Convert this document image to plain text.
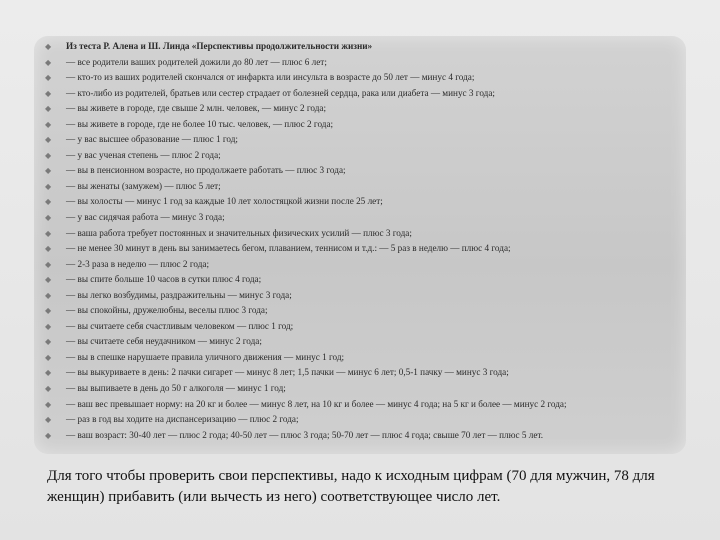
◆ Из теста Р. Алена и Ш. Линда «Перспективы продолжительности жизни»
◆ — все родители ваших родителей дожили до 80 лет — плюс 6 лет;
◆ — кто-то из ваших родителей скончался от инфаркта или инсульта в возрасте до 50 лет — минус 4 года;
◆ — кто-либо из родителей, братьев или сестер страдает от болезней сердца, рака или диабета — минус 3 года;
◆ — вы живете в городе, где свыше 2 млн. человек, — минус 2 года;
◆ — вы живете в городе, где не более 10 тыс. человек, — плюс 2 года;
◆ — у вас высшее образование — плюс 1 год;
◆ — у вас ученая степень — плюс 2 года;
◆ — вы в пенсионном возрасте, но продолжаете работать — плюс 3 года;
◆ — вы женаты (замужем) — плюс 5 лет;
◆ — вы холосты — минус 1 год за каждые 10 лет холостяцкой жизни после 25 лет;
◆ — у вас сидячая работа — минус 3 года;
◆ — ваша работа требует постоянных и значительных физических усилий — плюс 3 года;
◆ — не менее 30 минут в день вы занимаетесь бегом, плаванием, теннисом и т.д.: — 5 раз в неделю — плюс 4 года;
◆ — 2-3 раза в неделю — плюс 2 года;
◆ — вы спите больше 10 часов в сутки плюс 4 года;
◆ — вы легко возбудимы, раздражительны — минус 3 года;
◆ — вы спокойны, дружелюбны, веселы плюс 3 года;
◆ — вы считаете себя счастливым человеком — плюс 1 год;
◆ — вы считаете себя неудачником — минус 2 года;
◆ — вы в спешке нарушаете правила уличного движения — минус 1 год;
◆ — вы выкуриваете в день: 2 пачки сигарет — минус 8 лет; 1,5 пачки — минус 6 лет; 0,5-1 пачку — минус 3 года;
◆ — вы выпиваете в день до 50 г алкоголя — минус 1 год;
◆ — ваш вес превышает норму: на 20 кг и более — минус 8 лет, на 10 кг и более — минус 4 года; на 5 кг и более — минус 2 года;
◆ — раз в год вы ходите на диспансеризацию — плюс 2 года;
◆ — ваш возраст: 30-40 лет — плюс 2 года; 40-50 лет — плюс 3 года; 50-70 лет — плюс 4 года; свыше 70 лет — плюс 5 лет.

Для того чтобы проверить свои перспективы, надо к исходным цифрам (70 для мужчин, 78 для женщин) прибавить (или вычесть из него) соответствующее число лет.
